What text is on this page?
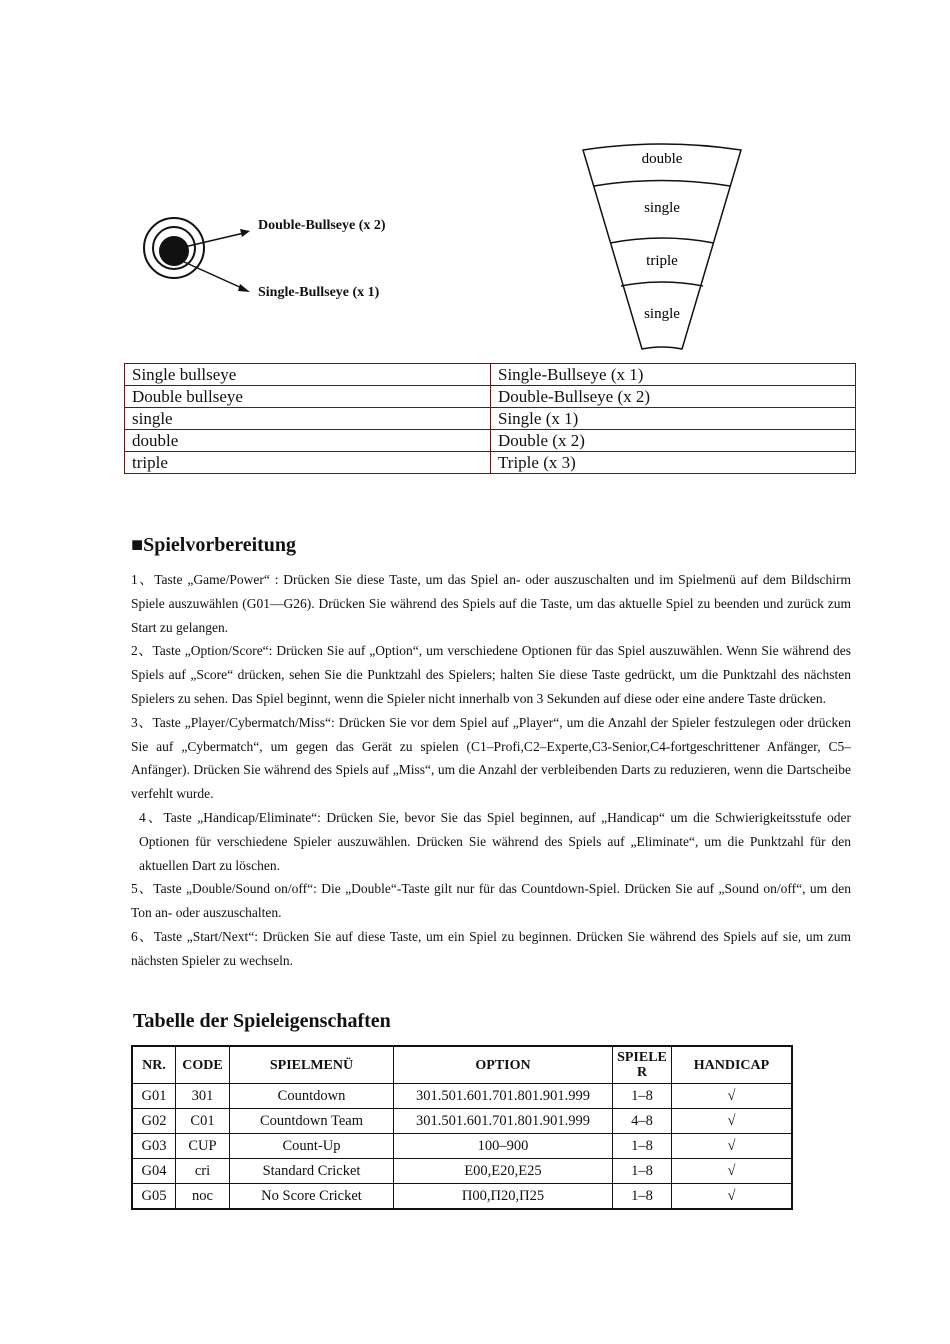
Double-Bullseye (x 2)
Single-Bullseye (x 1)
double
single
triple
single
Single bullseye	Single-Bullseye (x 1)
Double bullseye	Double-Bullseye (x 2)
single	Single (x 1)
double	Double (x 2)
triple	Triple (x 3)
■Spielvorbereitung

1、Taste „Game/Power“ : Drücken Sie diese Taste, um das Spiel an- oder auszuschalten und im Spielmenü auf dem Bildschirm Spiele auszuwählen (G01—G26). Drücken Sie während des Spiels auf die Taste, um das aktuelle Spiel zu beenden und zurück zum Start zu gelangen.

2、Taste „Option/Score“: Drücken Sie auf „Option“, um verschiedene Optionen für das Spiel auszuwählen. Wenn Sie während des Spiels auf „Score“ drücken, sehen Sie die Punktzahl des Spielers; halten Sie diese Taste gedrückt, um die Punktzahl des nächsten Spielers zu sehen. Das Spiel beginnt, wenn die Spieler nicht innerhalb von 3 Sekunden auf diese oder eine andere Taste drücken.

3、Taste „Player/Cybermatch/Miss“: Drücken Sie vor dem Spiel auf „Player“, um die Anzahl der Spieler festzulegen oder drücken Sie auf „Cybermatch“, um gegen das Gerät zu spielen (C1–Profi,C2–Experte,C3-Senior,C4-fortgeschrittener Anfänger, C5–Anfänger). Drücken Sie während des Spiels auf „Miss“, um die Anzahl der verbleibenden Darts zu reduzieren, wenn die Dartscheibe verfehlt wurde.

4、Taste „Handicap/Eliminate“: Drücken Sie, bevor Sie das Spiel beginnen, auf „Handicap“ um die Schwierigkeitsstufe oder Optionen für verschiedene Spieler auszuwählen. Drücken Sie während des Spiels auf „Eliminate“, um die Punktzahl für den aktuellen Dart zu löschen.

5、Taste „Double/Sound on/off“: Die „Double“-Taste gilt nur für das Countdown-Spiel. Drücken Sie auf „Sound on/off“, um den Ton an- oder auszuschalten.

6、Taste „Start/Next“: Drücken Sie auf diese Taste, um ein Spiel zu beginnen. Drücken Sie während des Spiels auf sie, um zum nächsten Spieler zu wechseln.

Tabelle der Spieleigenschaften
NR.	CODE	SPIELMENÜ	OPTION	SPIELE R	HANDICAP
G01	301	Countdown	301.501.601.701.801.901.999	1–8	√
G02	C01	Countdown Team	301.501.601.701.801.901.999	4–8	√
G03	CUP	Count-Up	100–900	1–8	√
G04	cri	Standard Cricket	E00,E20,E25	1–8	√
G05	noc	No Score Cricket	П00,П20,П25	1–8	√
